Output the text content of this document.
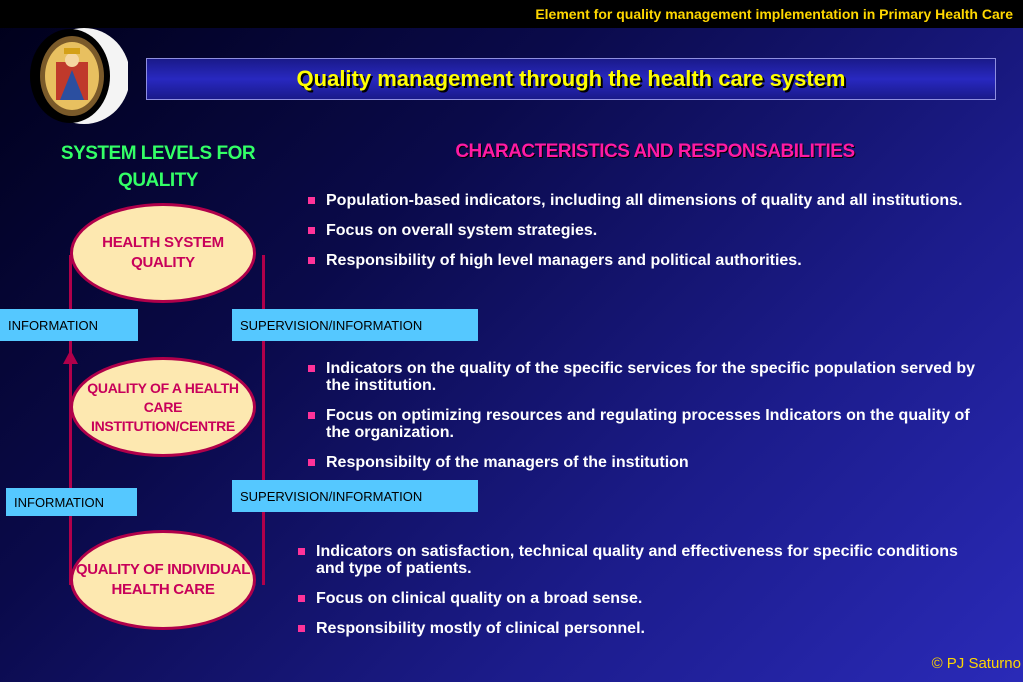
Element for quality management implementation in Primary Health Care
Quality management through the health care system
SYSTEM LEVELS FOR QUALITY
CHARACTERISTICS AND RESPONSABILITIES
HEALTH SYSTEM QUALITY
QUALITY OF A HEALTH CARE INSTITUTION/CENTRE
QUALITY OF INDIVIDUAL HEALTH CARE
INFORMATION
INFORMATION
SUPERVISION/INFORMATION
SUPERVISION/INFORMATION
Population-based indicators, including all dimensions of quality and all institutions.
Focus on overall system strategies.
Responsibility of high level managers and political authorities.
Indicators on the quality of the specific services for the specific population served by the institution.
Focus on optimizing resources and regulating processes Indicators on the quality of the organization.
Responsibilty of the managers of the institution
Indicators on satisfaction, technical quality and effectiveness for specific conditions and type of patients.
Focus on clinical quality on a broad sense.
Responsibility mostly of clinical personnel.
© PJ Saturno
